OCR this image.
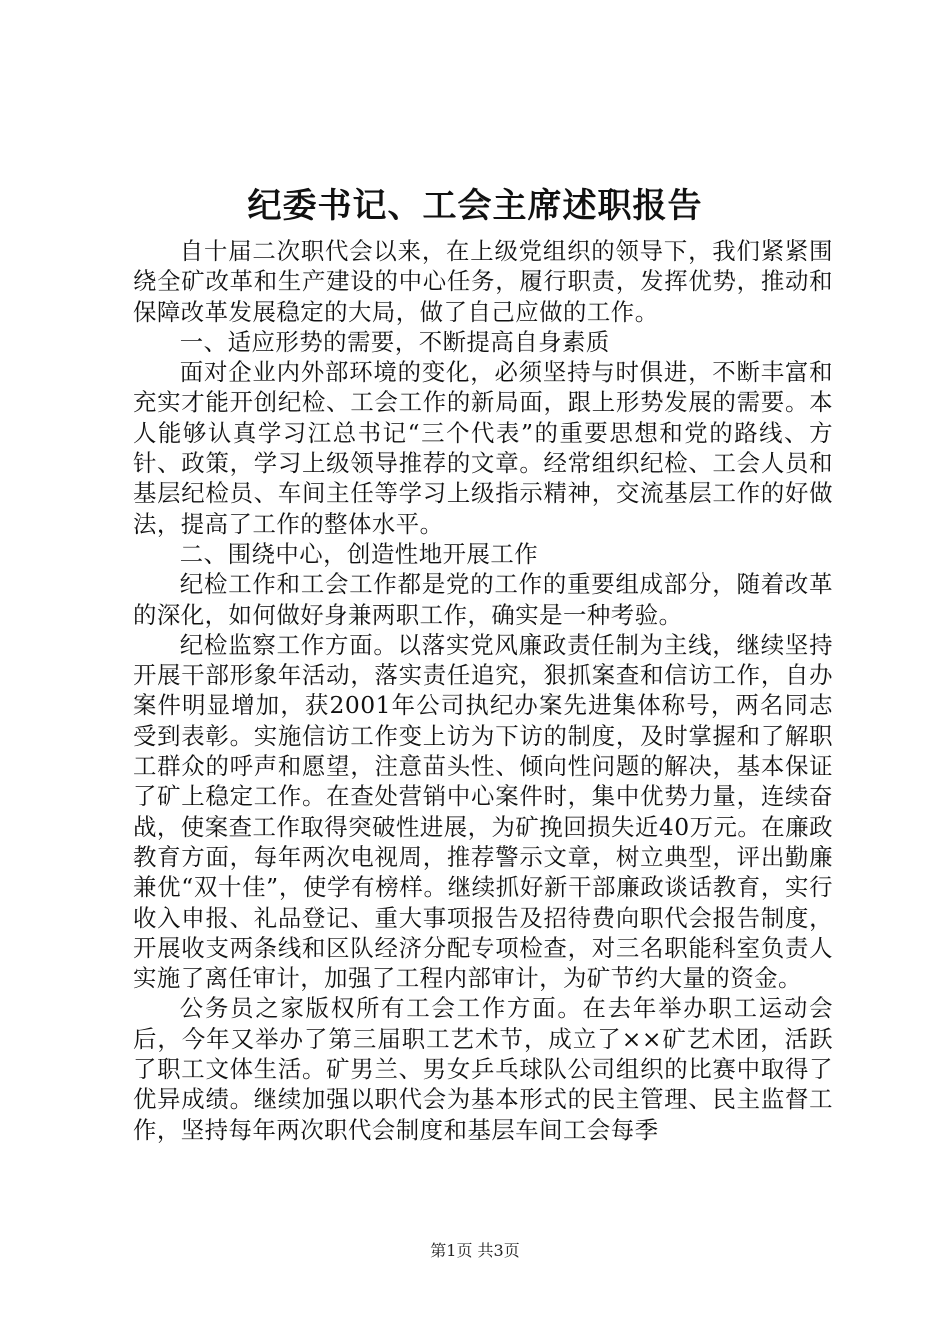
纪委书记、工会主席述职报告

自十届二次职代会以来，在上级党组织的领导下，我们紧紧围绕全矿改革和生产建设的中心任务，履行职责，发挥优势，推动和保障改革发展稳定的大局，做了自己应做的工作。

一、适应形势的需要，不断提高自身素质

面对企业内外部环境的变化，必须坚持与时俱进，不断丰富和充实才能开创纪检、工会工作的新局面，跟上形势发展的需要。本人能够认真学习江总书记“三个代表”的重要思想和党的路线、方针、政策，学习上级领导推荐的文章。经常组织纪检、工会人员和基层纪检员、车间主任等学习上级指示精神，交流基层工作的好做法，提高了工作的整体水平。

二、围绕中心，创造性地开展工作

纪检工作和工会工作都是党的工作的重要组成部分，随着改革的深化，如何做好身兼两职工作，确实是一种考验。

纪检监察工作方面。以落实党风廉政责任制为主线，继续坚持开展干部形象年活动，落实责任追究，狠抓案查和信访工作，自办案件明显增加，获2001年公司执纪办案先进集体称号，两名同志受到表彰。实施信访工作变上访为下访的制度，及时掌握和了解职工群众的呼声和愿望，注意苗头性、倾向性问题的解决，基本保证了矿上稳定工作。在查处营销中心案件时，集中优势力量，连续奋战，使案查工作取得突破性进展，为矿挽回损失近40万元。在廉政教育方面，每年两次电视周，推荐警示文章，树立典型，评出勤廉兼优“双十佳”，使学有榜样。继续抓好新干部廉政谈话教育，实行收入申报、礼品登记、重大事项报告及招待费向职代会报告制度，开展收支两条线和区队经济分配专项检查，对三名职能科室负责人实施了离任审计，加强了工程内部审计，为矿节约大量的资金。

公务员之家版权所有工会工作方面。在去年举办职工运动会后，今年又举办了第三届职工艺术节，成立了××矿艺术团，活跃了职工文体生活。矿男兰、男女乒乓球队公司组织的比赛中取得了优异成绩。继续加强以职代会为基本形式的民主管理、民主监督工作，坚持每年两次职代会制度和基层车间工会每季

第1页 共3页
